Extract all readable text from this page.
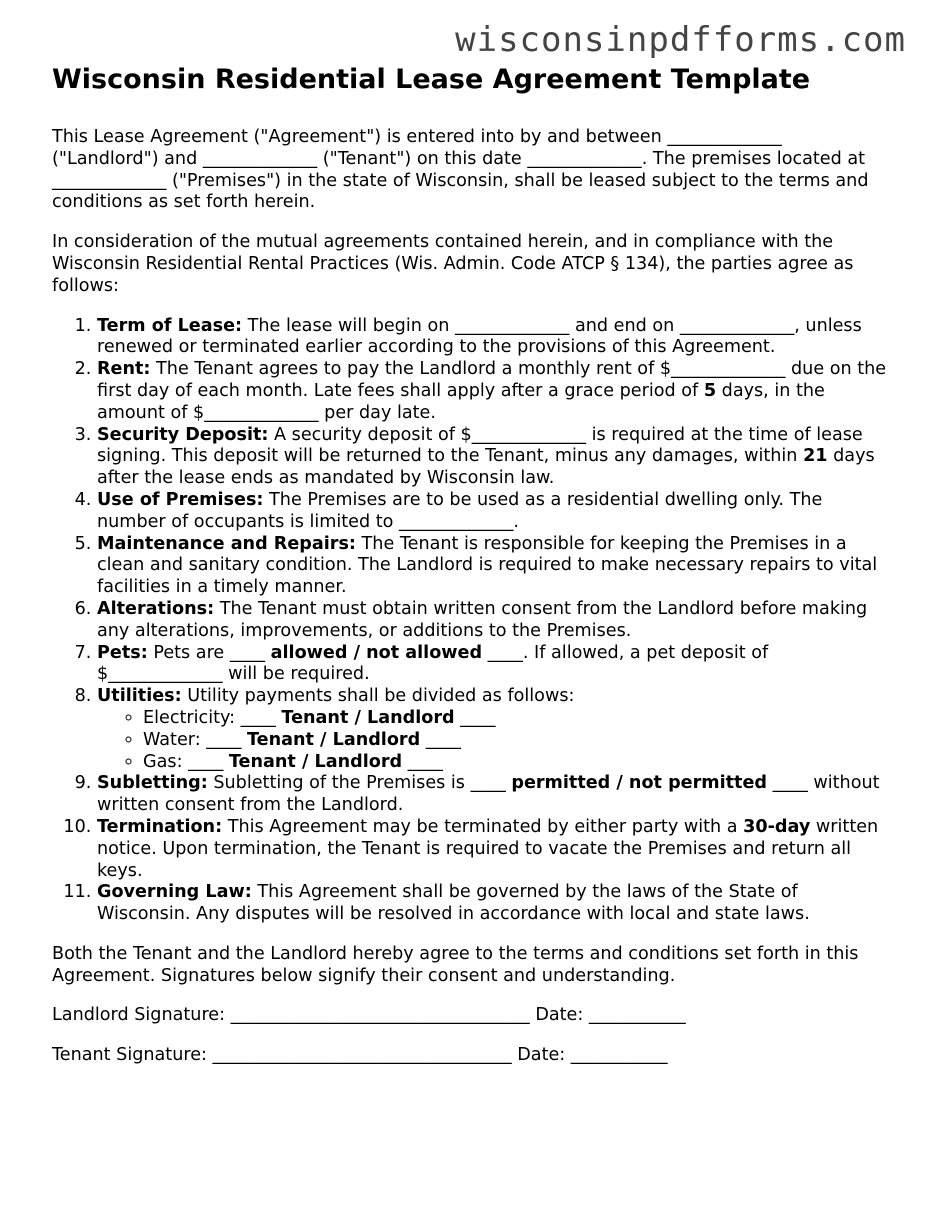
wisconsinpdfforms.com

Wisconsin Residential Lease Agreement Template

This Lease Agreement ("Agreement") is entered into by and between _____________ ("Landlord") and _____________ ("Tenant") on this date _____________. The premises located at _____________ ("Premises") in the state of Wisconsin, shall be leased subject to the terms and conditions as set forth herein.

In consideration of the mutual agreements contained herein, and in compliance with the Wisconsin Residential Rental Practices (Wis. Admin. Code ATCP § 134), the parties agree as follows:

1. Term of Lease: The lease will begin on _____________ and end on _____________, unless renewed or terminated earlier according to the provisions of this Agreement.
2. Rent: The Tenant agrees to pay the Landlord a monthly rent of $_____________ due on the first day of each month. Late fees shall apply after a grace period of 5 days, in the amount of $_____________ per day late.
3. Security Deposit: A security deposit of $_____________ is required at the time of lease signing. This deposit will be returned to the Tenant, minus any damages, within 21 days after the lease ends as mandated by Wisconsin law.
4. Use of Premises: The Premises are to be used as a residential dwelling only. The number of occupants is limited to _____________.
5. Maintenance and Repairs: The Tenant is responsible for keeping the Premises in a clean and sanitary condition. The Landlord is required to make necessary repairs to vital facilities in a timely manner.
6. Alterations: The Tenant must obtain written consent from the Landlord before making any alterations, improvements, or additions to the Premises.
7. Pets: Pets are ____ allowed / not allowed ____. If allowed, a pet deposit of $_____________ will be required.
8. Utilities: Utility payments shall be divided as follows:
◦ Electricity: ____ Tenant / Landlord ____
◦ Water: ____ Tenant / Landlord ____
◦ Gas: ____ Tenant / Landlord ____
9. Subletting: Subletting of the Premises is ____ permitted / not permitted ____ without written consent from the Landlord.
10. Termination: This Agreement may be terminated by either party with a 30-day written notice. Upon termination, the Tenant is required to vacate the Premises and return all keys.
11. Governing Law: This Agreement shall be governed by the laws of the State of Wisconsin. Any disputes will be resolved in accordance with local and state laws.

Both the Tenant and the Landlord hereby agree to the terms and conditions set forth in this Agreement. Signatures below signify their consent and understanding.

Landlord Signature: __________________________________ Date: ___________

Tenant Signature: __________________________________ Date: ___________
